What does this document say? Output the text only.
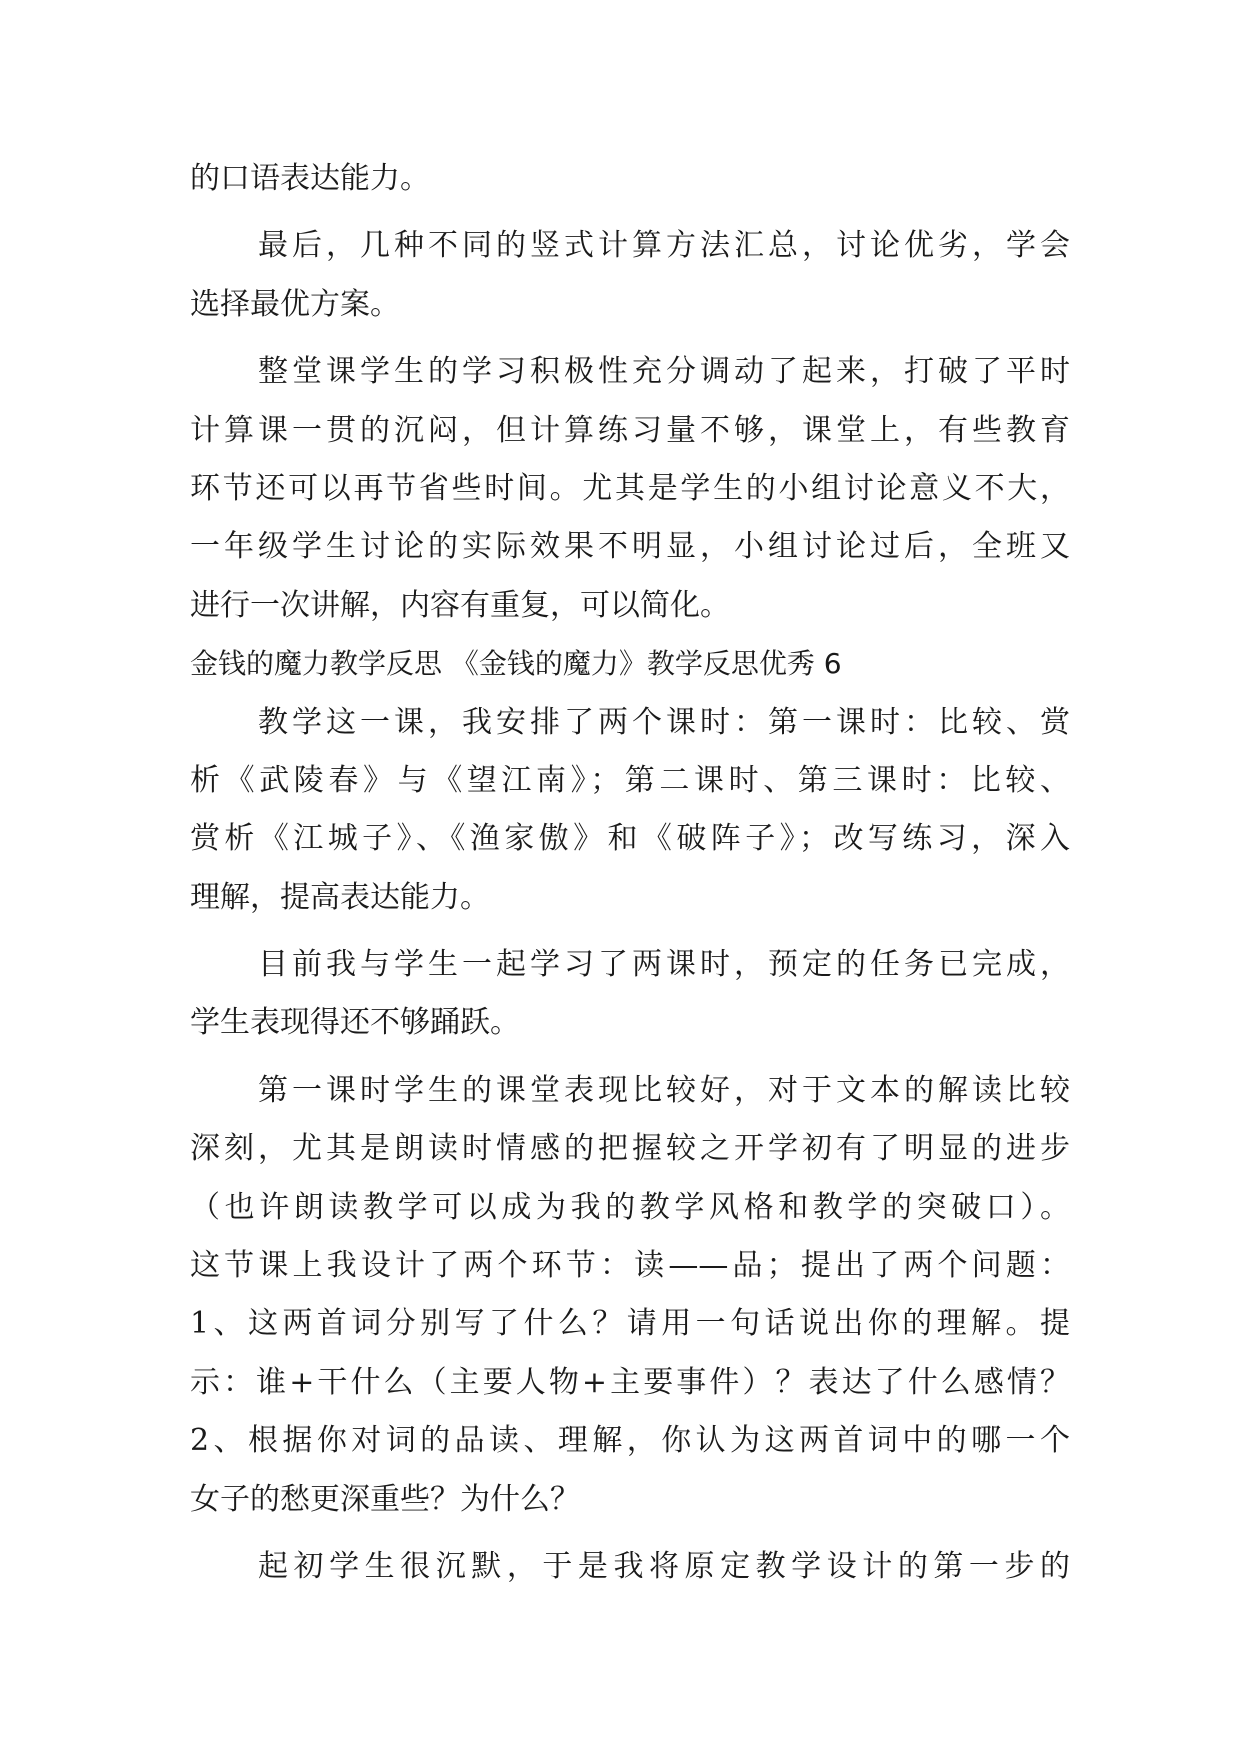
的口语表达能力。
最后，几种不同的竖式计算方法汇总，讨论优劣，学会
选择最优方案。
整堂课学生的学习积极性充分调动了起来，打破了平时
计算课一贯的沉闷，但计算练习量不够，课堂上，有些教育
环节还可以再节省些时间。尤其是学生的小组讨论意义不大，
一年级学生讨论的实际效果不明显，小组讨论过后，全班又
进行一次讲解，内容有重复，可以简化。
金钱的魔力教学反思 《金钱的魔力》教学反思优秀 6
教学这一课，我安排了两个课时：第一课时：比较、赏
析《武陵春》与《望江南》；第二课时、第三课时：比较、
赏析《江城子》、《渔家傲》和《破阵子》；改写练习，深入
理解，提高表达能力。
目前我与学生一起学习了两课时，预定的任务已完成，
学生表现得还不够踊跃。
第一课时学生的课堂表现比较好，对于文本的解读比较
深刻，尤其是朗读时情感的把握较之开学初有了明显的进步
（也许朗读教学可以成为我的教学风格和教学的突破口）。
这节课上我设计了两个环节：读——品；提出了两个问题：
1、这两首词分别写了什么？请用一句话说出你的理解。提
示：谁+干什么（主要人物+主要事件）？表达了什么感情？
2、根据你对词的品读、理解，你认为这两首词中的哪一个
女子的愁更深重些？为什么？
起初学生很沉默，于是我将原定教学设计的第一步的
